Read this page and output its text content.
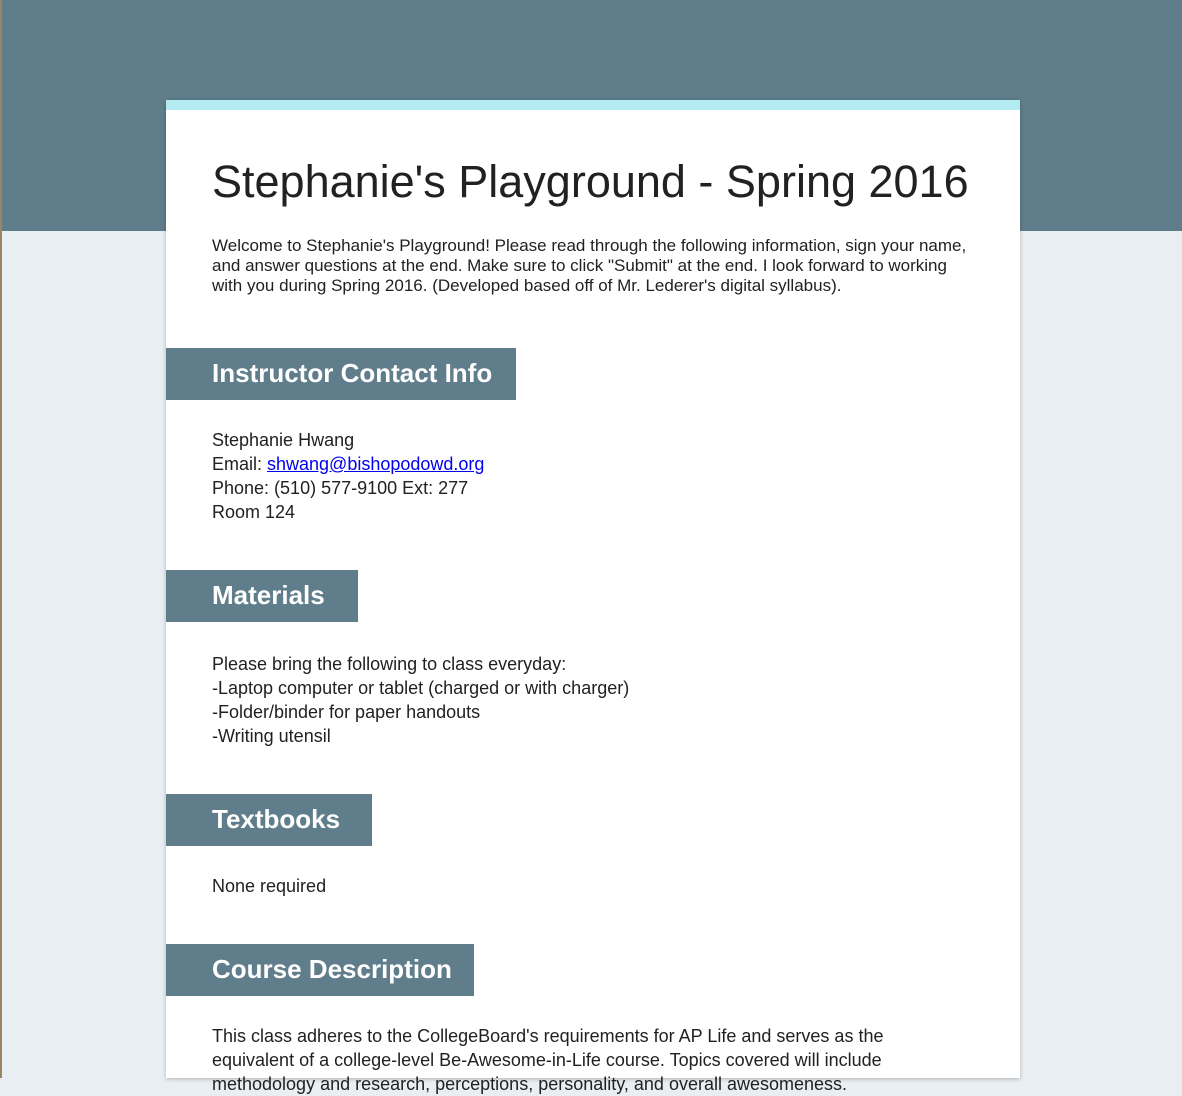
Stephanie's Playground - Spring 2016

Welcome to Stephanie's Playground! Please read through the following information, sign your name, and answer questions at the end. Make sure to click "Submit" at the end. I look forward to working with you during Spring 2016. (Developed based off of Mr. Lederer's digital syllabus).

Instructor Contact Info
Stephanie Hwang
Email: shwang@bishopodowd.org
Phone: (510) 577-9100 Ext: 277
Room 124
Materials
Please bring the following to class everyday:
-Laptop computer or tablet (charged or with charger)
-Folder/binder for paper handouts
-Writing utensil
Textbooks
None required
Course Description
This class adheres to the CollegeBoard's requirements for AP Life and serves as the
equivalent of a college-level Be-Awesome-in-Life course. Topics covered will include
methodology and research, perceptions, personality, and overall awesomeness.
